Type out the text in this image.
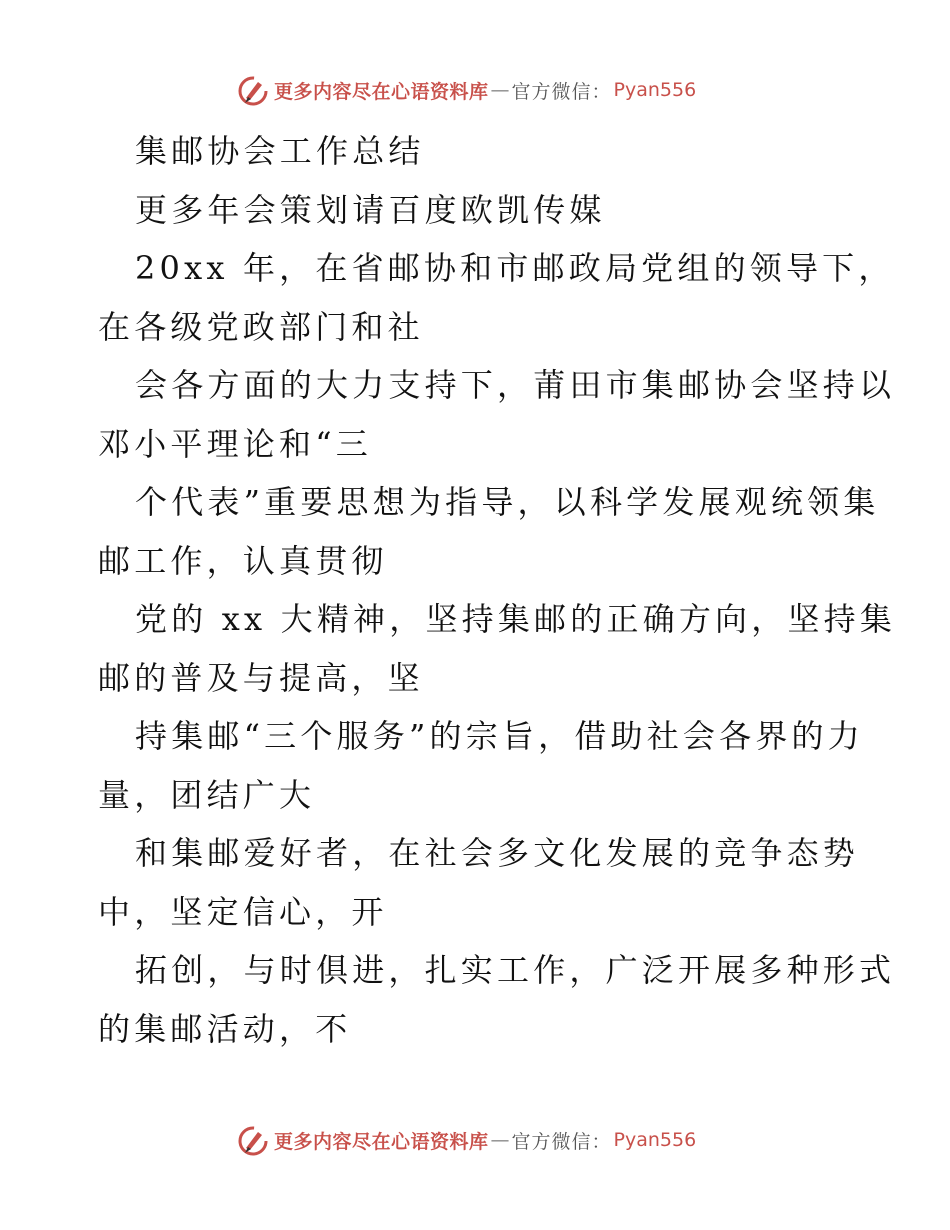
更多内容尽在心语资料库 — 官方微信： Pyan556
集邮协会工作总结
更多年会策划请百度欧凯传媒
20xx 年，在省邮协和市邮政局党组的领导下，
在各级党政部门和社
会各方面的大力支持下，莆田市集邮协会坚持以
邓小平理论和“三
个代表”重要思想为指导，以科学发展观统领集
邮工作，认真贯彻
党的 xx 大精神，坚持集邮的正确方向，坚持集
邮的普及与提高，坚
持集邮“三个服务”的宗旨，借助社会各界的力
量，团结广大
和集邮爱好者，在社会多文化发展的竞争态势
中，坚定信心，开
拓创，与时俱进，扎实工作，广泛开展多种形式
的集邮活动，不
更多内容尽在心语资料库 — 官方微信： Pyan556
